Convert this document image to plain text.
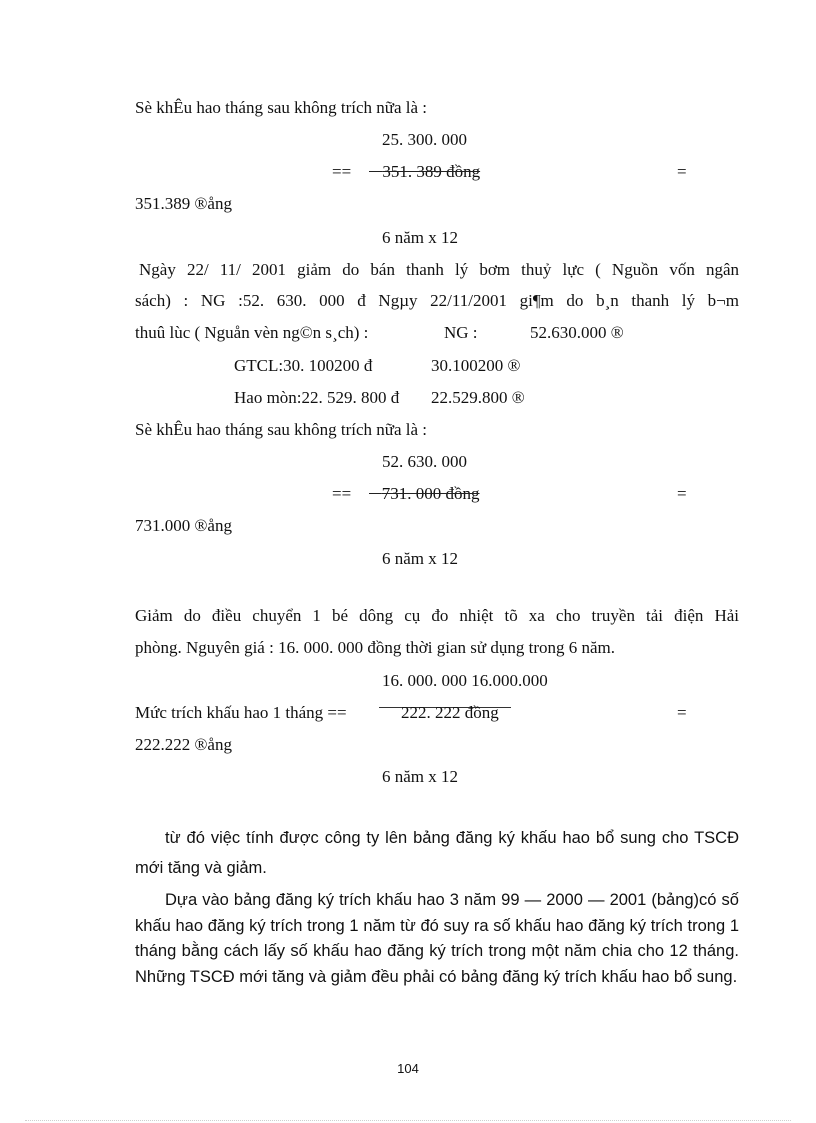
Sè khÊu hao tháng sau không trích nữa là :
25. 300. 000
==	351. 389 đồng	=
351.389 ®ång
6 năm x 12
Ngày 22/ 11/ 2001 giảm do bán thanh lý bơm thuỷ lực ( Nguồn vốn ngân
sách) : NG :52. 630. 000 đ Ngµy 22/11/2001 gi¶m do b¸n thanh lý b¬m
thuû lùc ( Nguån vèn ng©n s¸ch) :	NG :	52.630.000 ®
GTCL:30. 100200 đ	30.100200 ®
Hao mòn:22. 529. 800 đ 22.529.800 ®
Sè khÊu hao tháng sau không trích nữa là :
52. 630. 000
==	731. 000 đồng	=
731.000 ®ång
6 năm x 12
Giảm do điều chuyển 1 bé dông cụ đo nhiệt tõ xa cho truyền tải điện Hải
phòng. Nguyên giá : 16. 000. 000 đồng thời gian sử dụng trong 6 năm.
16. 000. 000 16.000.000
Mức trích khấu hao 1 tháng ==	222. 222 đồng	=
222.222 ®ång
6 năm x 12
từ đó việc tính được công ty lên bảng đăng ký khấu hao bổ sung cho TSCĐ mới tăng và giảm.
Dựa vào bảng đăng ký trích khấu hao 3 năm 99 — 2000 — 2001 (bảng)có số khấu hao đăng ký trích trong 1 năm từ đó suy ra số khấu hao đăng ký trích trong 1 tháng bằng cách lấy số khấu hao đăng ký trích trong một năm chia cho 12 tháng. Những TSCĐ mới tăng và giảm đều phải có bảng đăng ký trích khấu hao bổ sung.
104
